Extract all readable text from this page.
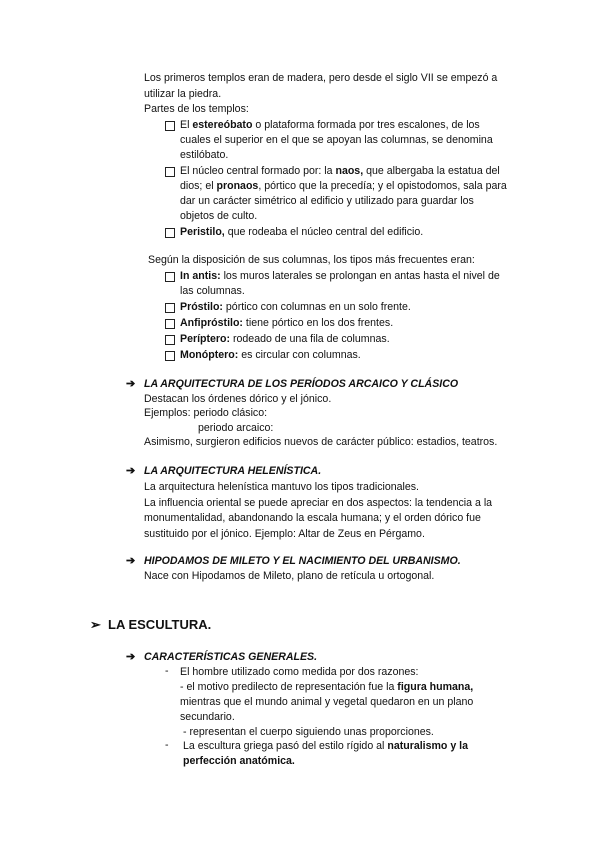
Los primeros templos eran de madera, pero desde el siglo VII se empezó a
utilizar la piedra.
Partes de los templos:
El estereóbato o plataforma formada por tres escalones, de los
cuales el superior en el que se apoyan las columnas, se denomina
estilóbato.
El núcleo central formado por: la naos, que albergaba la estatua del
dios; el pronaos, pórtico que la precedía; y el opistodomos, sala para
dar un carácter simétrico al edificio y utilizado para guardar los
objetos de culto.
Peristilo, que rodeaba el núcleo central del edificio.
Según la disposición de sus columnas, los tipos más frecuentes eran:
In antis: los muros laterales se prolongan en antas hasta el nivel de
las columnas.
Próstilo: pórtico con columnas en un solo frente.
Anfipróstilo: tiene pórtico en los dos frentes.
Períptero: rodeado de una fila de columnas.
Monóptero: es circular con columnas.
➔ LA ARQUITECTURA DE LOS PERÍODOS ARCAICO Y CLÁSICO
Destacan los órdenes dórico y el jónico.
Ejemplos: periodo clásico:
periodo arcaico:
Asimismo, surgieron edificios nuevos de carácter público: estadios, teatros.
➔ LA ARQUITECTURA HELENÍSTICA.
La arquitectura helenística mantuvo los tipos tradicionales.
La influencia oriental se puede apreciar en dos aspectos: la tendencia a la
monumentalidad, abandonando la escala humana; y el orden dórico fue
sustituido por el jónico. Ejemplo: Altar de Zeus en Pérgamo.
➔ HIPODAMOS DE MILETO Y EL NACIMIENTO DEL URBANISMO.
Nace con Hipodamos de Mileto, plano de retícula u ortogonal.
➢ LA ESCULTURA.
➔ CARACTERÍSTICAS GENERALES.
- El hombre utilizado como medida por dos razones:
- el motivo predilecto de representación fue la figura humana,
mientras que el mundo animal y vegetal quedaron en un plano
secundario.
- representan el cuerpo siguiendo unas proporciones.
- La escultura griega pasó del estilo rígido al naturalismo y la
perfección anatómica.
